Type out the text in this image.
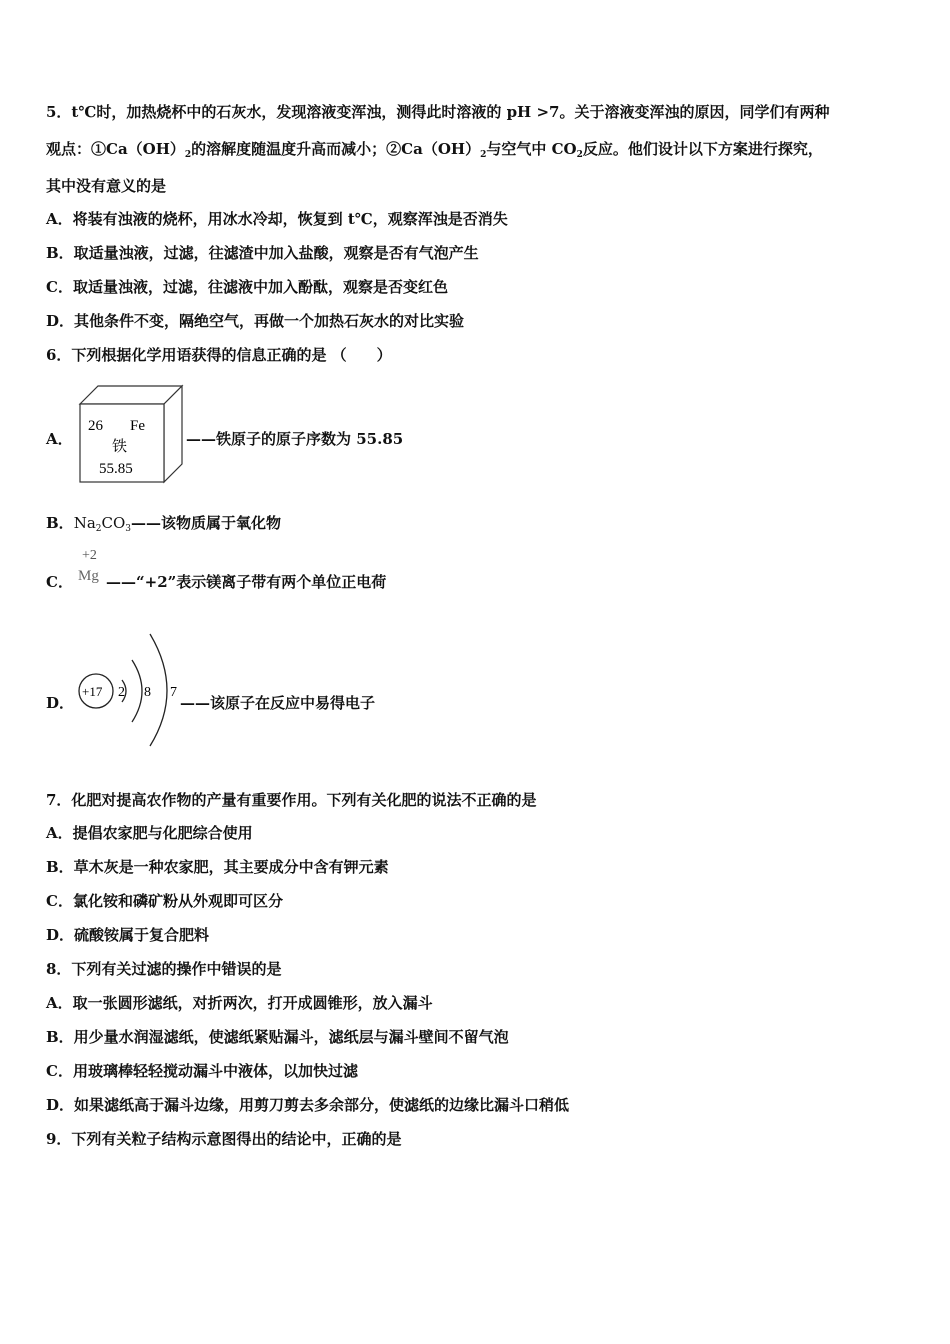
5．t℃时，加热烧杯中的石灰水，发现溶液变浑浊，测得此时溶液的 pH >7。关于溶液变浑浊的原因，同学们有两种
观点：$①Ca(OH)_2$的溶解度随温度升高而减小；$②Ca(OH)_2$与空气中 $CO_2$反应。他们设计以下方案进行探究，
其中没有意义的是
A．将装有浊液的烧杯，用冰水冷却，恢复到 t℃，观察浑浊是否消失
B．取适量浊液，过滤，往滤渣中加入盐酸，观察是否有气泡产生
C．取适量浊液，过滤，往滤液中加入酚酞，观察是否变红色
D．其他条件不变，隔绝空气，再做一个加热石灰水的对比实验
6．下列根据化学用语获得的信息正确的是 （　　）
A．
26 Fe
铁
55.85
——铁原子的原子序数为 55.85
B．$Na_2CO_3——$该物质属于氧化物
C．
+2
Mg ——“+2”表示镁离子带有两个单位正电荷
D．
+17 2 8 7
——该原子在反应中易得电子
7．化肥对提高农作物的产量有重要作用。下列有关化肥的说法不正确的是
A．提倡农家肥与化肥综合使用
B．草木灰是一种农家肥，其主要成分中含有钾元素
C．氯化铵和磷矿粉从外观即可区分
D．硫酸铵属于复合肥料
8．下列有关过滤的操作中错误的是
A．取一张圆形滤纸，对折两次，打开成圆锥形，放入漏斗
B．用少量水润湿滤纸，使滤纸紧贴漏斗，滤纸层与漏斗壁间不留气泡
C．用玻璃棒轻轻搅动漏斗中液体，以加快过滤
D．如果滤纸高于漏斗边缘，用剪刀剪去多余部分，使滤纸的边缘比漏斗口稍低
9．下列有关粒子结构示意图得出的结论中，正确的是
